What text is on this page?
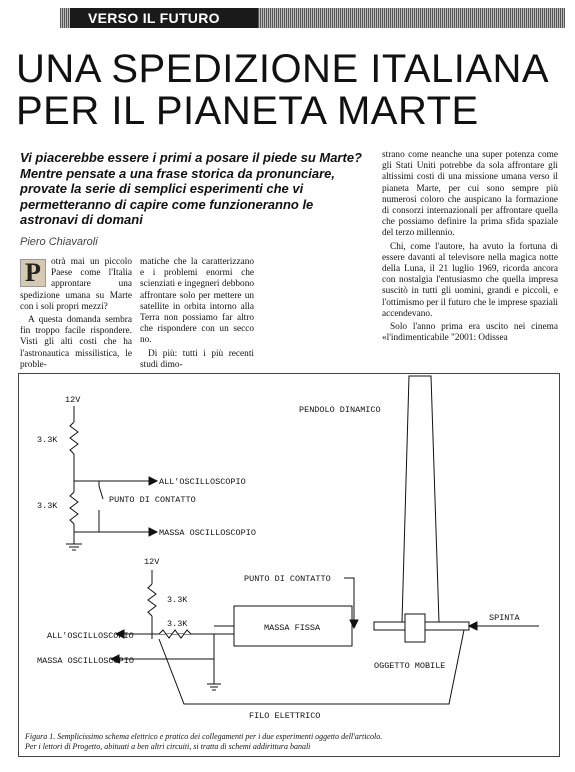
VERSO IL FUTURO
UNA SPEDIZIONE ITALIANA
PER IL PIANETA MARTE

Vi piacerebbe essere i primi a posare il piede su Marte? Mentre pensate a una frase storica da pronunciare, provate la serie di semplici esperimenti che vi permetteranno di capire come funzioneranno le astronavi di domani

Piero Chiavaroli

P	otrà mai un piccolo Paese come l'Italia approntare una spedizione umana su Marte con i soli propri mezzi?

A questa domanda sembra fin troppo facile rispondere. Visti gli alti costi che ha l'astronautica missilistica, le proble-

matiche che la caratterizzano e i problemi enormi che scienziati e ingegneri debbono affrontare solo per mettere un satellite in orbita intorno alla Terra non possiamo far altro che rispondere con un secco no.

Di più: tutti i più recenti studi dimo-

strano come neanche una super potenza come gli Stati Uniti potrebbe da sola affrontare gli altissimi costi di una missione umana verso il pianeta Marte, per cui sono sempre più numerosi coloro che auspicano la formazione di consorzi internazionali per affrontare quella che possiamo definire la prima sfida spaziale del terzo millennio.

Chi, come l'autore, ha avuto la fortuna di essere davanti al televisore nella magica notte della Luna, il 21 luglio 1969, ricorda ancora con nostalgia l'entusiasmo che quella impresa suscitò in tutti gli uomini, grandi e piccoli, e l'ottimismo per il futuro che le imprese spaziali accendevano.

Solo l'anno prima era uscito nei cinema «l'indimenticabile "2001: Odissea

12V
3.3K
ALL'OSCILLOSCOPIO
3.3K
PUNTO DI CONTATTO
MASSA OSCILLOSCOPIO
PENDOLO DINAMICO
12V
3.3K
3.3K
PUNTO DI CONTATTO
MASSA FISSA
ALL'OSCILLOSCOPIO
MASSA OSCILLOSCOPIO
SPINTA
OGGETTO MOBILE
FILO ELETTRICO
Figura 1. Semplicissimo schema elettrico e pratico dei collegamenti per i due esperimenti oggetto dell'articolo.
Per i lettori di Progetto, abituati a ben altri circuiti, si tratta di schemi addirittura banali
